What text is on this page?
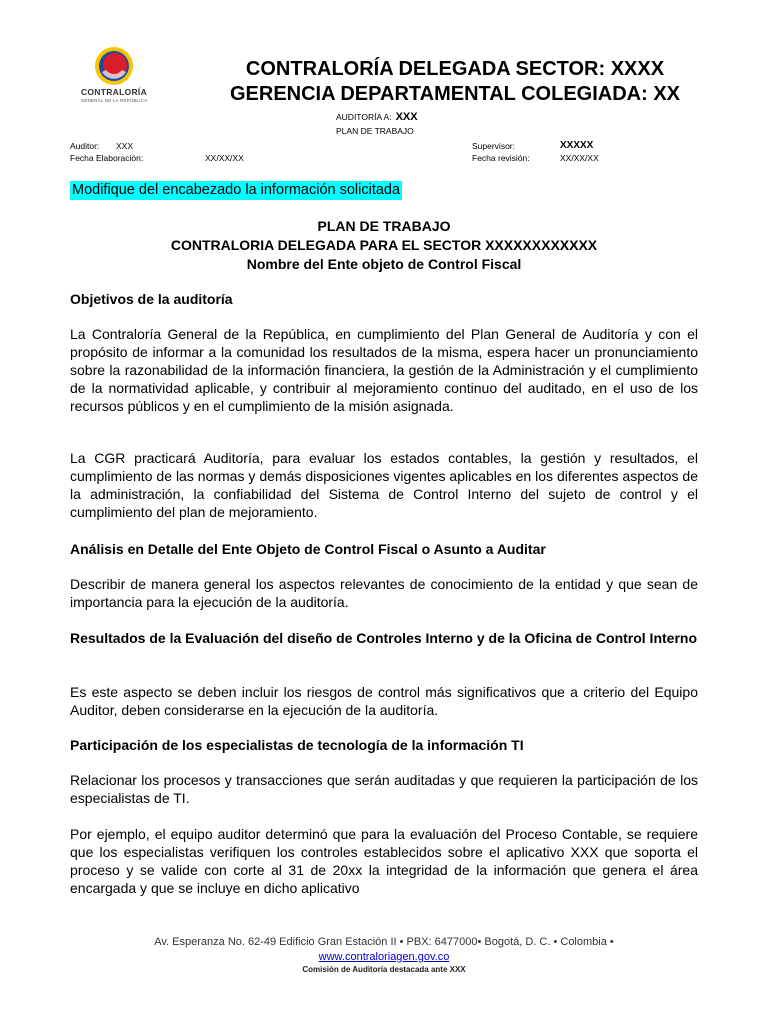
CONTRALORÍA
GENERAL DE LA REPÚBLICA
CONTRALORÍA DELEGADA SECTOR: XXXX
GERENCIA DEPARTAMENTAL COLEGIADA: XX
AUDITORÍA A: XXX
PLAN DE TRABAJO
Auditor: XXX
Fecha Elaboración:	XX/XX/XX
Supervisor:	XXXXX
Fecha revisión:	XX/XX/XX
Modifique del encabezado la información solicitada
PLAN DE TRABAJO
CONTRALORIA DELEGADA PARA EL SECTOR XXXXXXXXXXXX
Nombre del Ente objeto de Control Fiscal
Objetivos de la auditoría
La Contraloría General de la República, en cumplimiento del Plan General de Auditoría y con el propósito de informar a la comunidad los resultados de la misma, espera hacer un pronunciamiento sobre la razonabilidad de la información financiera, la gestión de la Administración y el cumplimiento de la normatividad aplicable, y contribuir al mejoramiento continuo del auditado, en el uso de los recursos públicos y en el cumplimiento de la misión asignada.
La CGR practicará Auditoría, para evaluar los estados contables, la gestión y resultados, el cumplimiento de las normas y demás disposiciones vigentes aplicables en los diferentes aspectos de la administración, la confiabilidad del Sistema de Control Interno del sujeto de control y el cumplimiento del plan de mejoramiento.
Análisis en Detalle del Ente Objeto de Control Fiscal o Asunto a Auditar
Describir de manera general los aspectos relevantes de conocimiento de la entidad y que sean de importancia para la ejecución de la auditoría.
Resultados de la Evaluación del diseño de Controles Interno y de la Oficina de Control Interno
Es este aspecto se deben incluir los riesgos de control más significativos que a criterio del Equipo Auditor, deben considerarse en la ejecución de la auditoría.
Participación de los especialistas de tecnología de la información TI
Relacionar los procesos y transacciones que serán auditadas y que requieren la participación de los especialistas de TI.
Por ejemplo, el equipo auditor determinó que para la evaluación del Proceso Contable, se requiere que los especialistas verifiquen los controles establecidos sobre el aplicativo XXX que soporta el proceso y se valide con corte al 31 de 20xx la integridad de la información que genera el área encargada y que se incluye en dicho aplicativo
Av. Esperanza No. 62-49 Edificio Gran Estación II • PBX: 6477000• Bogotá, D. C. • Colombia •
www.contraloriagen.gov.co
Comisión de Auditoría destacada ante XXX
